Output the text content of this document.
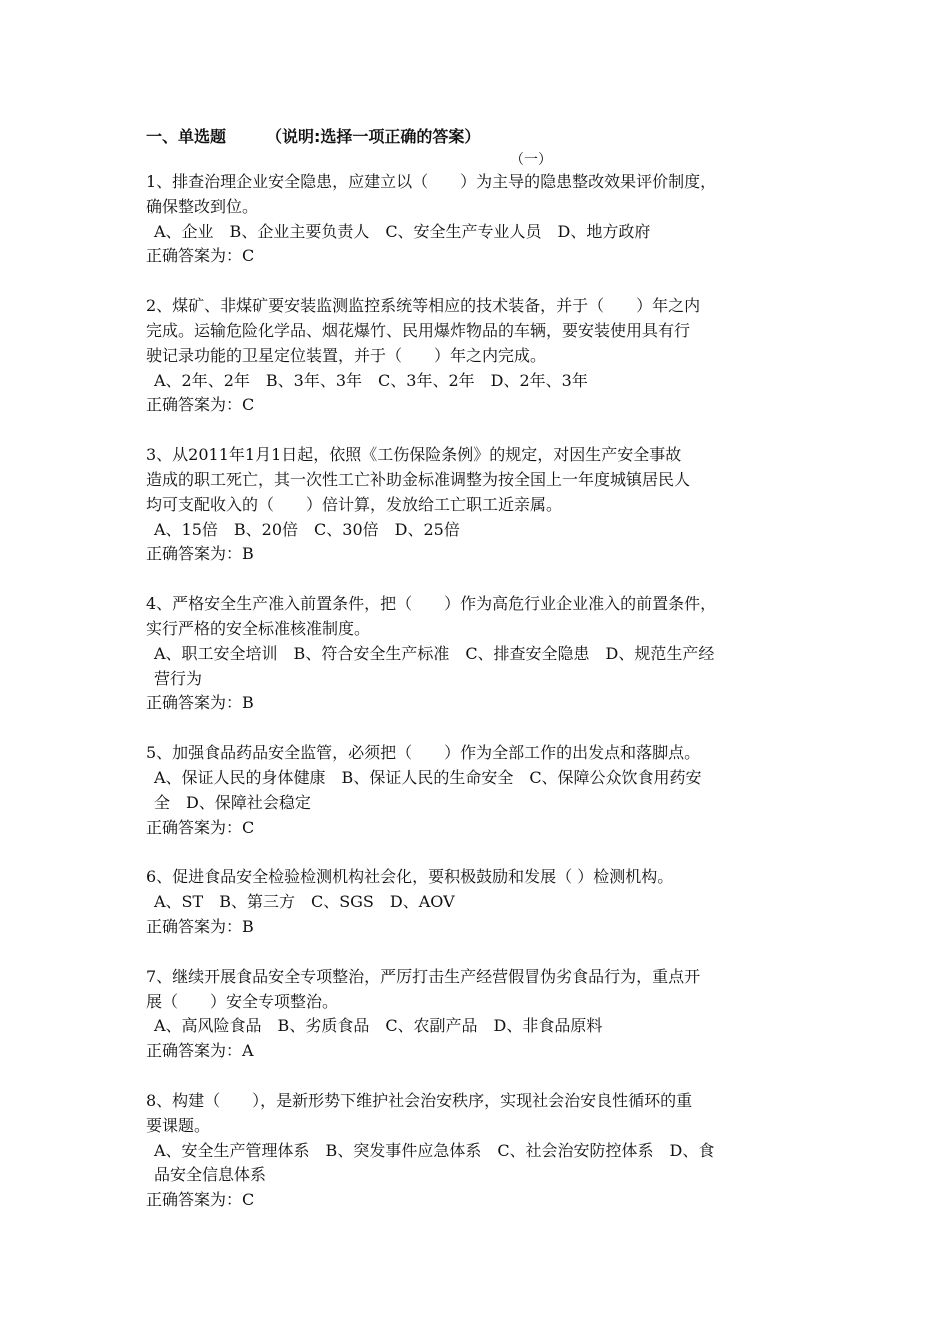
一、单选题	（说明:选择一项正确的答案）
（一）
1、排查治理企业安全隐患，应建立以（　　）为主导的隐患整改效果评价制度，
确保整改到位。
A、企业　B、企业主要负责人　C、安全生产专业人员　D、地方政府
正确答案为：C
2、煤矿、非煤矿要安装监测监控系统等相应的技术装备，并于（　　）年之内
完成。运输危险化学品、烟花爆竹、民用爆炸物品的车辆，要安装使用具有行
驶记录功能的卫星定位装置，并于（　　）年之内完成。
A、2年、2年　B、3年、3年　C、3年、2年　D、2年、3年
正确答案为：C
3、从2011年1月1日起，依照《工伤保险条例》的规定，对因生产安全事故
造成的职工死亡，其一次性工亡补助金标准调整为按全国上一年度城镇居民人
均可支配收入的（　　）倍计算，发放给工亡职工近亲属。
A、15倍　B、20倍　C、30倍　D、25倍
正确答案为：B
4、严格安全生产准入前置条件，把（　　）作为高危行业企业准入的前置条件，
实行严格的安全标准核准制度。
A、职工安全培训　B、符合安全生产标准　C、排查安全隐患　D、规范生产经
营行为
正确答案为：B
5、加强食品药品安全监管，必须把（　　）作为全部工作的出发点和落脚点。
A、保证人民的身体健康　B、保证人民的生命安全　C、保障公众饮食用药安
全　D、保障社会稳定
正确答案为：C
6、促进食品安全检验检测机构社会化，要积极鼓励和发展（ ）检测机构。
A、ST　B、第三方　C、SGS　D、AOV
正确答案为：B
7、继续开展食品安全专项整治，严厉打击生产经营假冒伪劣食品行为，重点开
展（　　）安全专项整治。
A、高风险食品　B、劣质食品　C、农副产品　D、非食品原料
正确答案为：A
8、构建（　　），是新形势下维护社会治安秩序，实现社会治安良性循环的重
要课题。
A、安全生产管理体系　B、突发事件应急体系　C、社会治安防控体系　D、食
品安全信息体系
正确答案为：C
